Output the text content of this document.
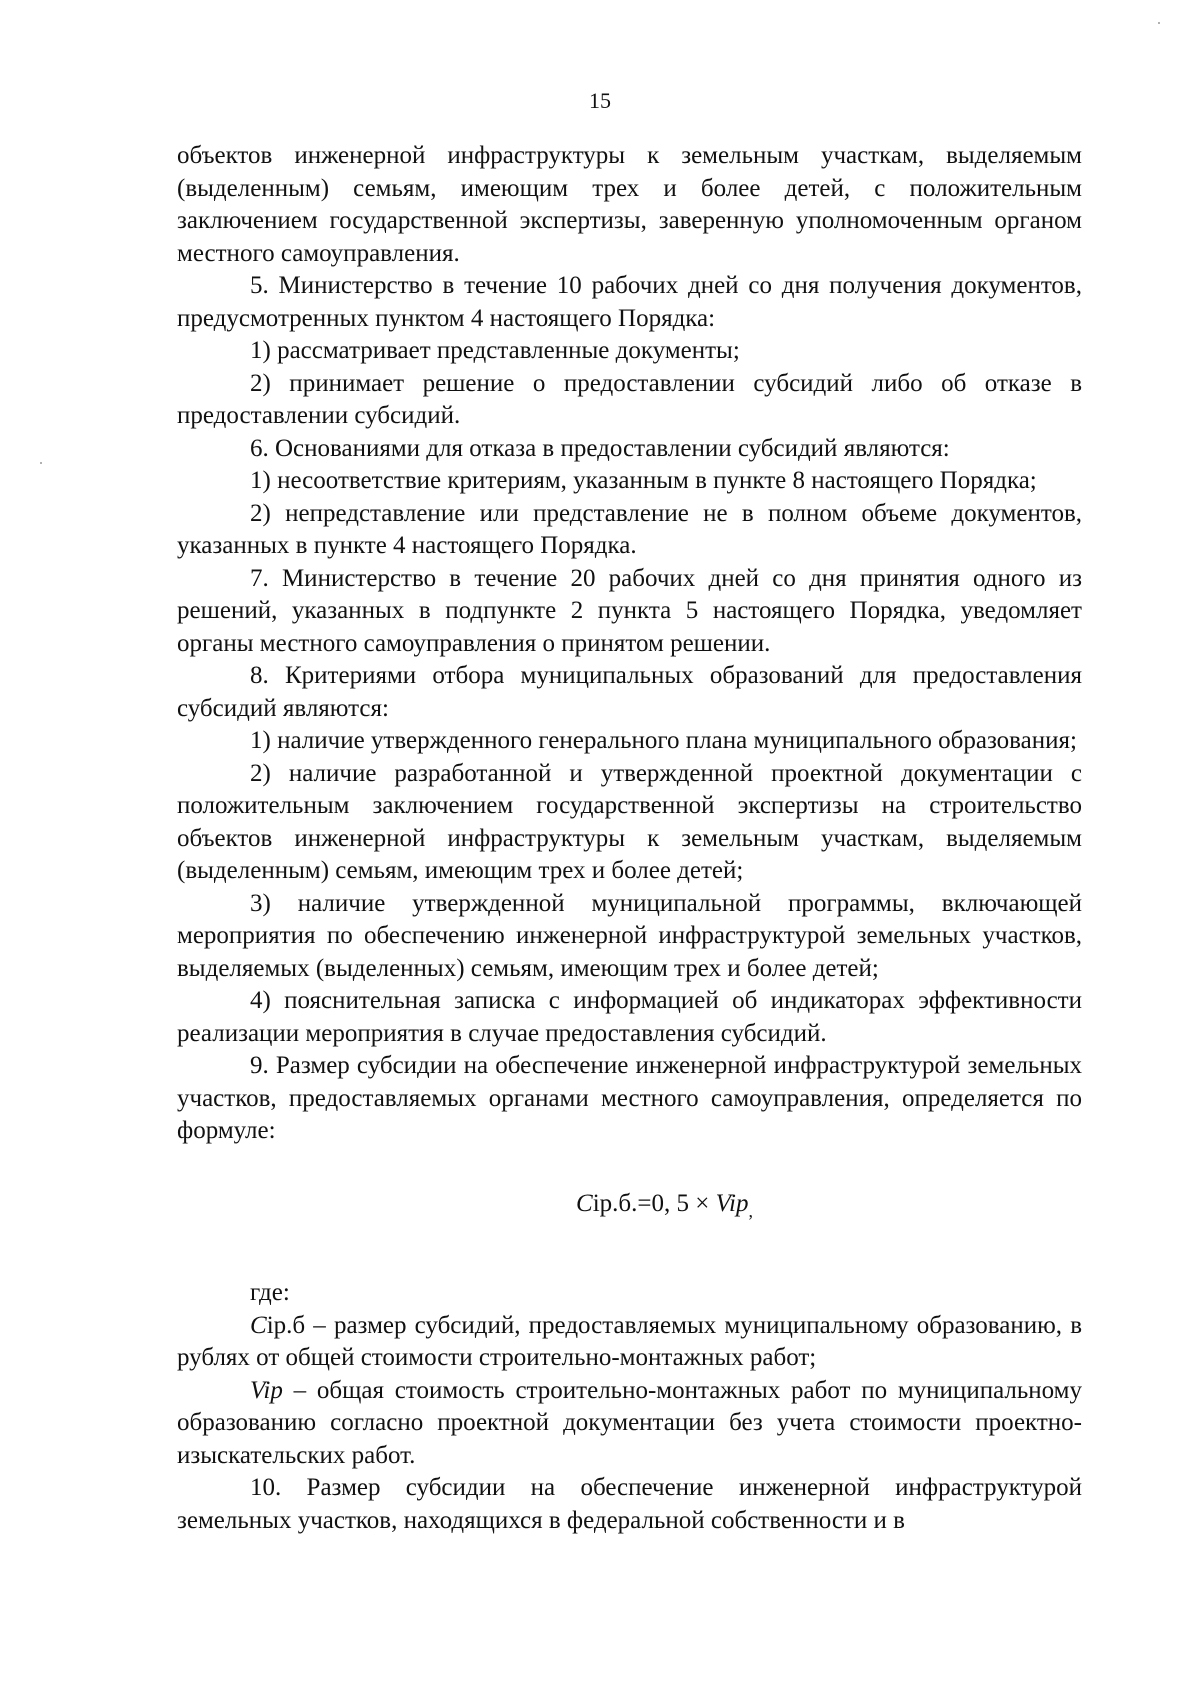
15

объектов инженерной инфраструктуры к земельным участкам, выделяемым (выделенным) семьям, имеющим трех и более детей, с положительным заключением государственной экспертизы, заверенную уполномоченным органом местного самоуправления.

5. Министерство в течение 10 рабочих дней со дня получения документов, предусмотренных пунктом 4 настоящего Порядка:

1) рассматривает представленные документы;

2) принимает решение о предоставлении субсидий либо об отказе в предоставлении субсидий.

6. Основаниями для отказа в предоставлении субсидий являются:

1) несоответствие критериям, указанным в пункте 8 настоящего Порядка;

2) непредставление или представление не в полном объеме документов, указанных в пункте 4 настоящего Порядка.

7. Министерство в течение 20 рабочих дней со дня принятия одного из решений, указанных в подпункте 2 пункта 5 настоящего Порядка, уведомляет органы местного самоуправления о принятом решении.

8. Критериями отбора муниципальных образований для предоставления субсидий являются:

1) наличие утвержденного генерального плана муниципального образования;

2) наличие разработанной и утвержденной проектной документации с положительным заключением государственной экспертизы на строительство объектов инженерной инфраструктуры к земельным участкам, выделяемым (выделенным) семьям, имеющим трех и более детей;

3) наличие утвержденной муниципальной программы, включающей мероприятия по обеспечению инженерной инфраструктурой земельных участков, выделяемых (выделенных) семьям, имеющим трех и более детей;

4) пояснительная записка с информацией об индикаторах эффективности реализации мероприятия в случае предоставления субсидий.

9. Размер субсидии на обеспечение инженерной инфраструктурой земельных участков, предоставляемых органами местного самоуправления, определяется по формуле:

Cip.б.=0, 5 × Vip$_,$

где:

Cip.б – размер субсидий, предоставляемых муниципальному образованию, в рублях от общей стоимости строительно-монтажных работ;

Vip – общая стоимость строительно-монтажных работ по муниципальному образованию согласно проектной документации без учета стоимости проектно-изыскательских работ.

10. Размер субсидии на обеспечение инженерной инфраструктурой земельных участков, находящихся в федеральной собственности и в
